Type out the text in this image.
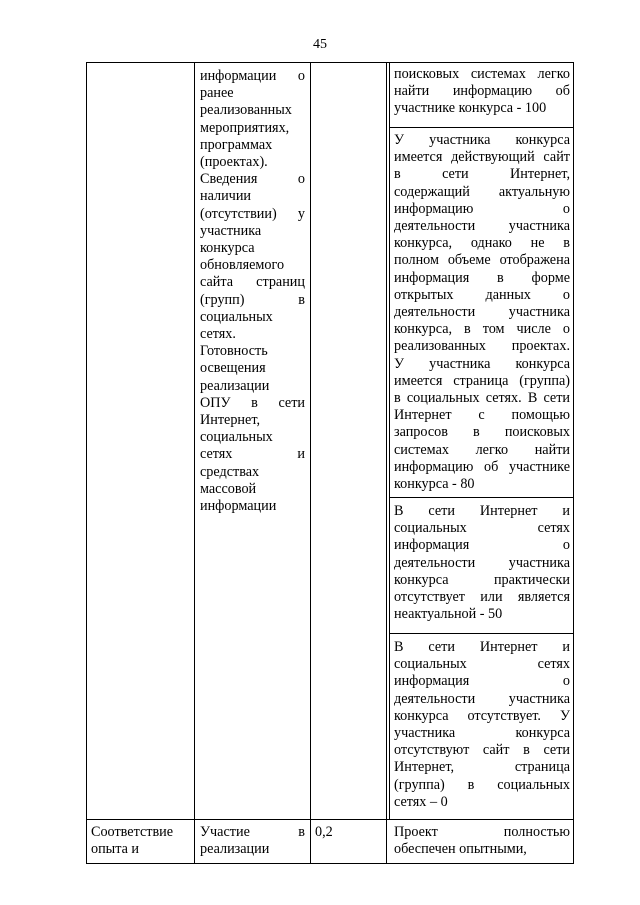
45

информации о

ранее

реализованных

мероприятиях,

программах

(проектах).

Сведения о

наличии

(отсутствии) у

участника

конкурса

обновляемого

сайта страниц

(групп) в

социальных

сетях.

Готовность

освещения

реализации

ОПУ в сети

Интернет,

социальных

сетях и

средствах

массовой

информации

поисковых системах легко

найти информацию об

участнике конкурса - 100

У участника конкурса

имеется действующий сайт

в сети Интернет,

содержащий актуальную

информацию о

деятельности участника

конкурса, однако не в

полном объеме отображена

информация в форме

открытых данных о

деятельности участника

конкурса, в том числе о

реализованных проектах.

У участника конкурса

имеется страница (группа)

в социальных сетях. В сети

Интернет с помощью

запросов в поисковых

системах легко найти

информацию об участнике

конкурса - 80

В сети Интернет и

социальных сетях

информация о

деятельности участника

конкурса практически

отсутствует или является

неактуальной - 50

В сети Интернет и

социальных сетях

информация о

деятельности участника

конкурса отсутствует. У

участника конкурса

отсутствуют сайт в сети

Интернет, страница

(группа) в социальных

сетях – 0

Соответствие

опыта и

Участие в

реализации

0,2	Проект полностью

обеспечен опытными,
